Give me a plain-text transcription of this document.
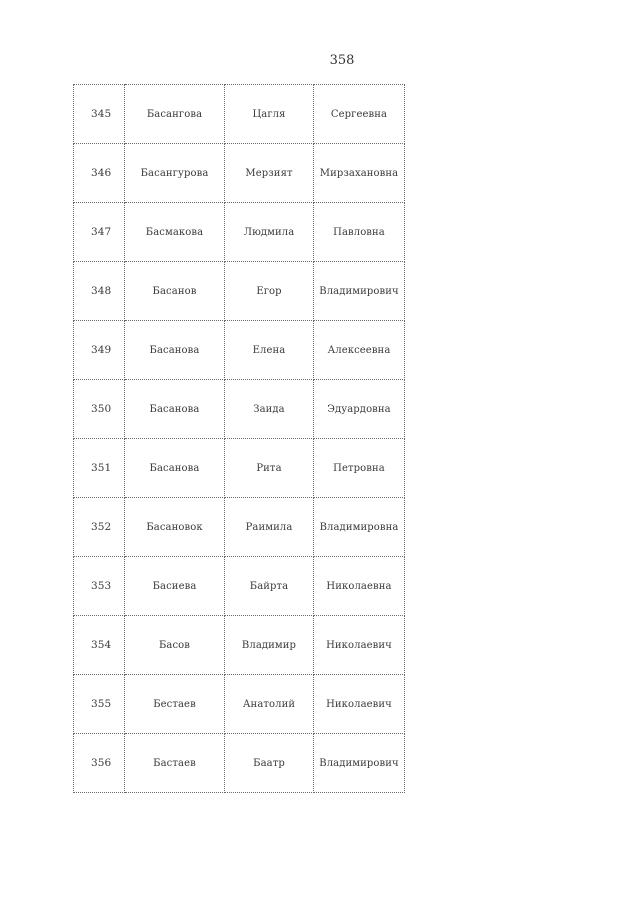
358
345	Басангова	Цагля	Сергеевна
346	Басангурова	Мерзият	Мирзахановна
347	Басмакова	Людмила	Павловна
348	Басанов	Егор	Владимирович
349	Басанова	Елена	Алексеевна
350	Басанова	Заида	Эдуардовна
351	Басанова	Рита	Петровна
352	Басановок	Раимила	Владимировна
353	Басиева	Байрта	Николаевна
354	Басов	Владимир	Николаевич
355	Бестаев	Анатолий	Николаевич
356	Бастаев	Баатр	Владимирович
